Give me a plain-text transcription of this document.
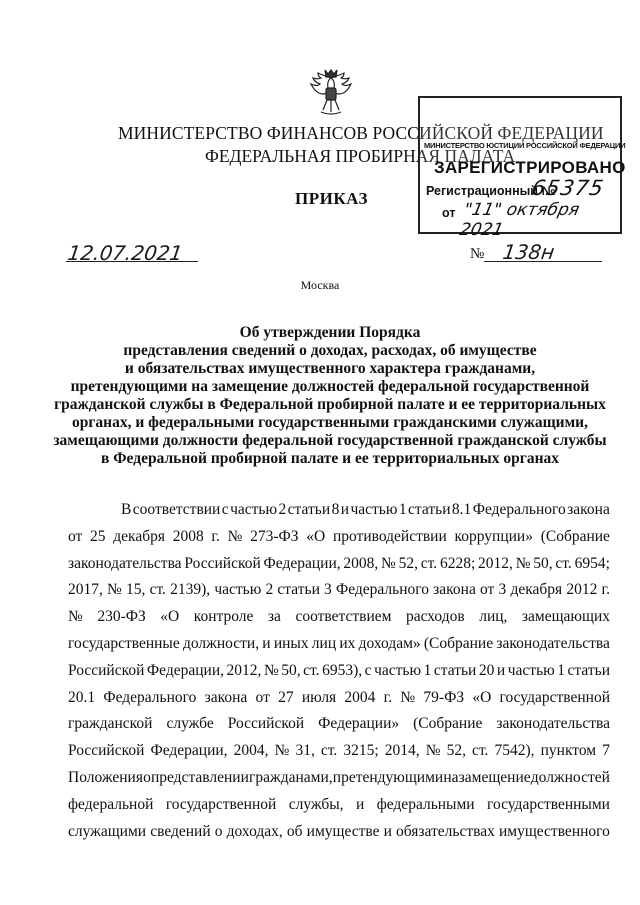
МИНИСТЕРСТВО ФИНАНСОВ РОССИЙСКОЙ ФЕДЕРАЦИИ
ФЕДЕРАЛЬНАЯ ПРОБИРНАЯ ПАЛАТА
ПРИКАЗ
12.07.2021	№ 138н
Москва
МИНИСТЕРСТВО ЮСТИЦИИ РОССИЙСКОЙ ФЕДЕРАЦИИ
ЗАРЕГИСТРИРОВАНО
Регистрационный №
65375
от "11" октября 2021
Об утверждении Порядка
представления сведений о доходах, расходах, об имуществе
и обязательствах имущественного характера гражданами,
претендующими на замещение должностей федеральной государственной
гражданской службы в Федеральной пробирной палате и ее территориальных
органах, и федеральными государственными гражданскими служащими,
замещающими должности федеральной государственной гражданской службы
в Федеральной пробирной палате и ее территориальных органах
В соответствии с частью 2 статьи 8 и частью 1 статьи 8.1 Федерального закона
от 25 декабря 2008 г. № 273-ФЗ «О противодействии коррупции» (Собрание
законодательства Российской Федерации, 2008, № 52, ст. 6228; 2012, № 50, ст. 6954;
2017, № 15, ст. 2139), частью 2 статьи 3 Федерального закона от 3 декабря 2012 г.
№ 230-ФЗ «О контроле за соответствием расходов лиц, замещающих
государственные должности, и иных лиц их доходам» (Собрание законодательства
Российской Федерации, 2012, № 50, ст. 6953), с частью 1 статьи 20 и частью 1 статьи
20.1 Федерального закона от 27 июля 2004 г. № 79-ФЗ «О государственной
гражданской службе Российской Федерации» (Собрание законодательства
Российской Федерации, 2004, № 31, ст. 3215; 2014, № 52, ст. 7542), пунктом 7
Положения о представлении гражданами, претендующими на замещение должностей
федеральной государственной службы, и федеральными государственными
служащими сведений о доходах, об имуществе и обязательствах имущественного
